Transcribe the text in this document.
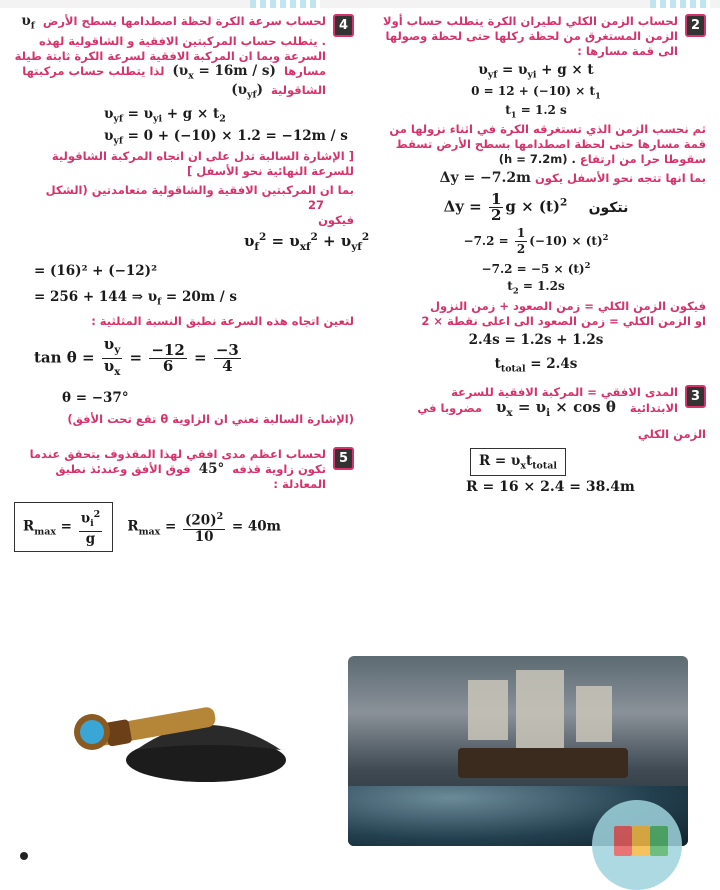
2

لحساب الزمن الكلي لطيران الكرة يتطلب حساب أولا الزمن المستغرق من لحظة ركلها حتى لحظة وصولها الى قمة مسارها :

$\upsilon_{yf} = \upsilon_{yi} + g \times t$
$0 = 12 + (-10) \times t_1$
$t_1 = 1.2$ s

ثم نحسب الزمن الذي تستغرقه الكرة في اثناء نزولها من قمة مسارها حتى لحظة اصطدامها بسطح الأرض تسقط سقوطا حرا من ارتفاع (h = 7.2m) .

بما انها تتجه نحو الأسفل يكون Δy = −7.2m

$\Delta y = \frac{1}{2}$ $g \times (t)^2$ نتكون
$-7.2 = \frac{1}{2} (-10) \times (t)^2$
$-7.2 = -5 \times (t)^2$
$t_2 = 1.2s$

فيكون الزمن الكلي = زمن الصعود + زمن النزول

او الزمن الكلي = زمن الصعود الى اعلى نقطة × 2

2.4s = 1.2s + 1.2s
$t_{total} = 2.4s$
3

المدى الافقي = المركبة الافقية للسرعة

الابتدائية $\upsilon_x = \upsilon_i \times \cos \theta$ مضروبا في

الزمن الكلي

$R = \upsilon_xt_{total}$
R = 16 × 2.4 = 38.4m
4

لحساب سرعة الكرة لحظة اصطدامها بسطح الأرض $\upsilon_f$ . يتطلب حساب المركبتين الافقية و الشاقولية لهذه السرعة وبما ان المركبة الافقية لسرعة الكرة ثابتة طيلة مسارها $(\upsilon_x = 16m / s)$ لذا يتطلب حساب مركبتها الشاقولية $(\upsilon_{yf})$

$\upsilon_{yf} = \upsilon_{yi} + g \times t_2$
$\upsilon_{yf} = 0 + (-10) \times 1.2 = -12m / s$

[ الإشارة السالبة تدل على ان اتجاه المركبة الشاقولية للسرعة النهائية نحو الأسفل ]

بما ان المركبتين الافقية والشاقولية متعامدتين (الشكل
27

فيكون

$\upsilon_f^2 = \upsilon_{xf}^2 + \upsilon_{yf}^2$
= (16)² + (−12)²
= 256 + 144 ⇒ $\upsilon_f = 20m / s$

لتعين اتجاه هذه السرعة نطبق النسبة المثلثية :

$\tan \theta = \frac{\upsilon_y}{\upsilon_x} = \frac{-12}{6} = \frac{-3}{4}$
θ = −37°

(الإشارة السالبة تعني ان الزاوية θ تقع تحت الأفق)

5

لحساب اعظم مدى افقي لهذا المقذوف يتحقق عندما تكون زاوية قذفه 45° فوق الأفق وعندئذ نطبق المعادلة :

$R_{max} = \frac{\upsilon_i^2}{g} R_{max} = \frac{(20)^2}{10} = 40m$
